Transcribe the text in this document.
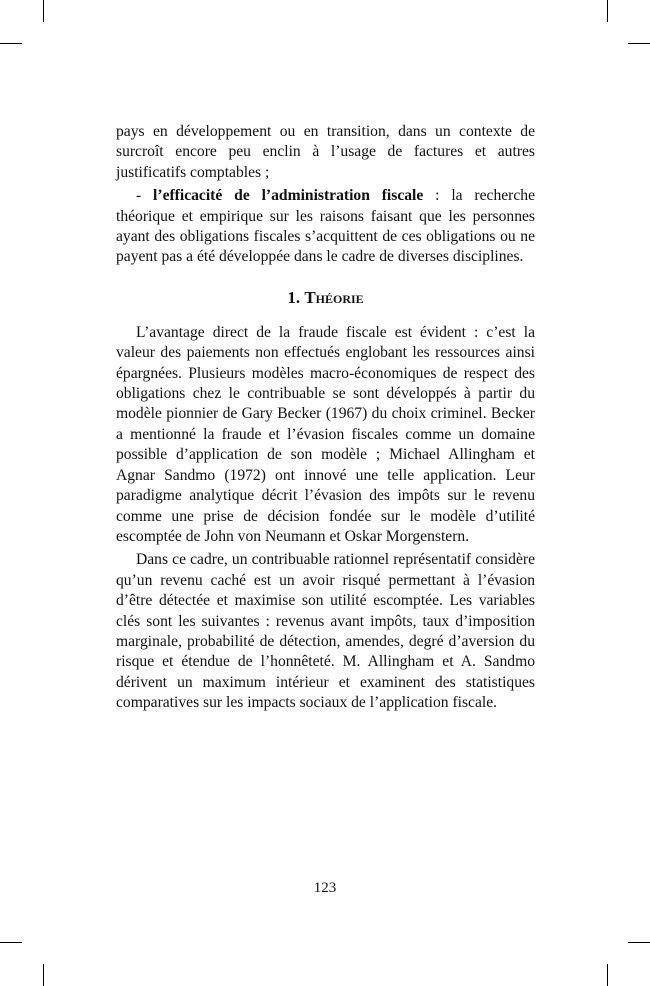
pays en développement ou en transition, dans un contexte de surcroît encore peu enclin à l’usage de factures et autres justificatifs comptables ;

- l’efficacité de l’administration fiscale : la recherche théorique et empirique sur les raisons faisant que les personnes ayant des obligations fiscales s’acquittent de ces obligations ou ne payent pas a été développée dans le cadre de diverses disciplines.

1. Théorie

L’avantage direct de la fraude fiscale est évident : c’est la valeur des paiements non effectués englobant les ressources ainsi épargnées. Plusieurs modèles macro-économiques de respect des obligations chez le contribuable se sont développés à partir du modèle pionnier de Gary Becker (1967) du choix criminel. Becker a mentionné la fraude et l’évasion fiscales comme un domaine possible d’application de son modèle ; Michael Allingham et Agnar Sandmo (1972) ont innové une telle application. Leur paradigme analytique décrit l’évasion des impôts sur le revenu comme une prise de décision fondée sur le modèle d’utilité escomptée de John von Neumann et Oskar Morgenstern.

Dans ce cadre, un contribuable rationnel représentatif considère qu’un revenu caché est un avoir risqué permettant à l’évasion d’être détectée et maximise son utilité escomptée. Les variables clés sont les suivantes : revenus avant impôts, taux d’imposition marginale, probabilité de détection, amendes, degré d’aversion du risque et étendue de l’honnêteté. M. Allingham et A. Sandmo dérivent un maximum intérieur et examinent des statistiques comparatives sur les impacts sociaux de l’application fiscale.

123
